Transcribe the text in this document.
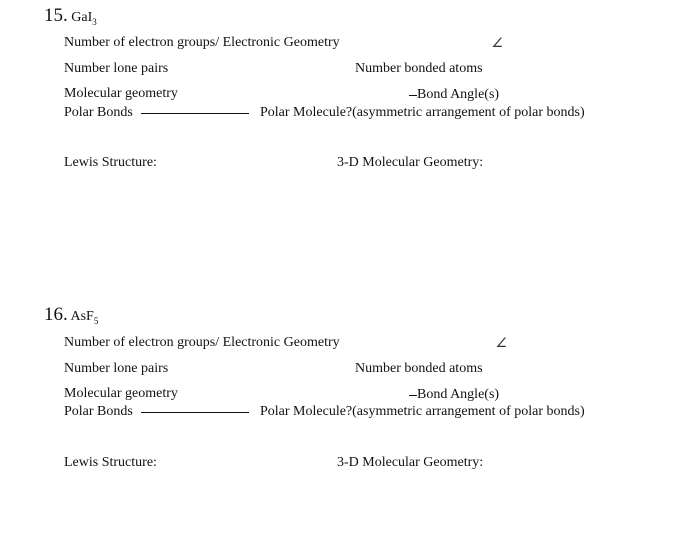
15. GaI$_3$
Number of electron groups/ Electronic Geometry	∠
Number lone pairs	Number bonded atoms
Molecular geometry	Bond Angle(s)
Polar Bonds	Polar Molecule?(asymmetric arrangement of polar bonds)
Lewis Structure:	3-D Molecular Geometry:
16. AsF$_5$
Number of electron groups/ Electronic Geometry	∠
Number lone pairs	Number bonded atoms
Molecular geometry	Bond Angle(s)
Polar Bonds	Polar Molecule?(asymmetric arrangement of polar bonds)
Lewis Structure:	3-D Molecular Geometry:
